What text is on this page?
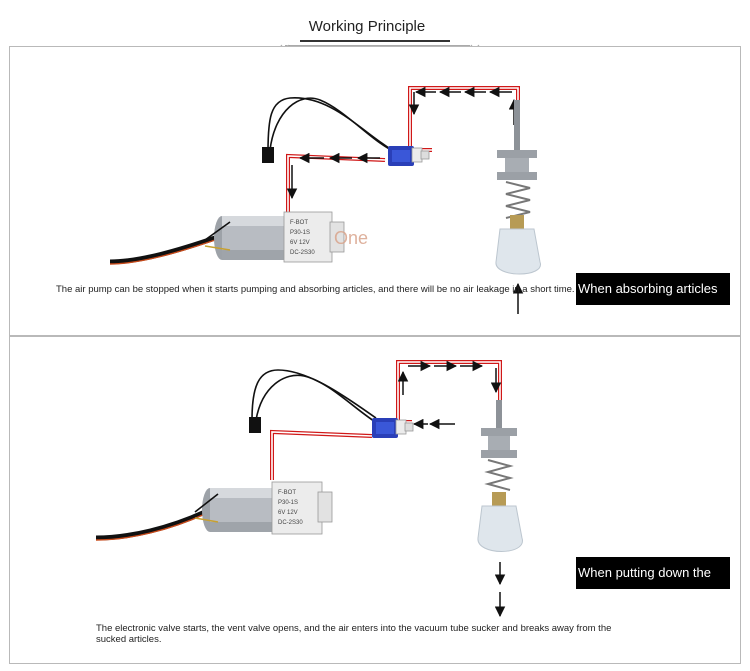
Working Principle
F-BOT
P30-1S
6V 12V
DC-2S30
F-BOT
P30-1S
6V 12V
DC-2S30
One
The air pump can be stopped when it starts pumping and absorbing articles, and there will be no air leakage in a short time.
The electronic valve starts, the vent valve opens, and the air enters into the vacuum tube sucker and breaks away from the sucked articles.
When absorbing articles
When putting down the item
